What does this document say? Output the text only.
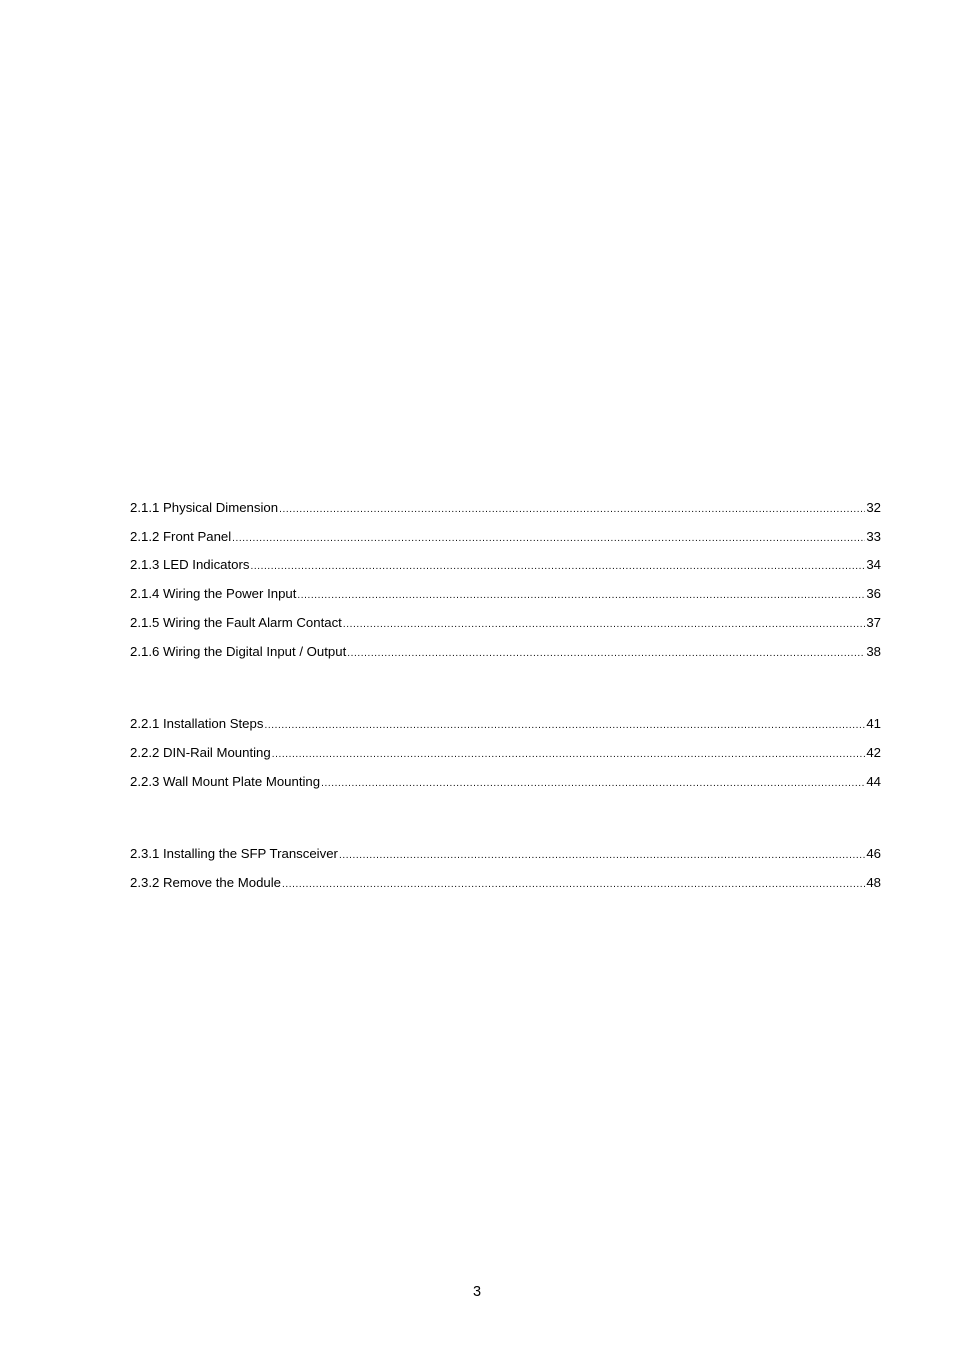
2.1.1 Physical Dimension .....	32
2.1.2 Front Panel .....	33
2.1.3 LED Indicators .....	34
2.1.4 Wiring the Power Input .....	36
2.1.5 Wiring the Fault Alarm Contact .....	37
2.1.6 Wiring the Digital Input / Output .....	38
2.2.1 Installation Steps .....	41
2.2.2 DIN-Rail Mounting .....	42
2.2.3 Wall Mount Plate Mounting .....	44
2.3.1 Installing the SFP Transceiver .....	46
2.3.2 Remove the Module .....	48
3
